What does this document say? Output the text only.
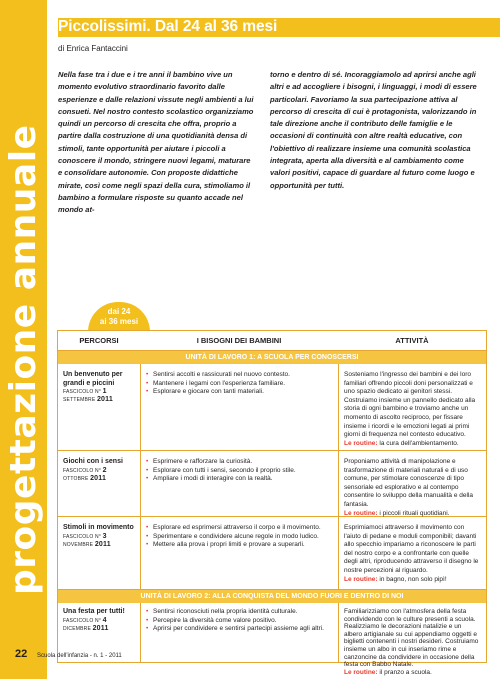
progettazione annuale
Piccolissimi. Dal 24 al 36 mesi
di Enrica Fantaccini

Nella fase tra i due e i tre anni il bambino vive un momento evolutivo straordinario favorito dalle esperienze e dalle relazioni vissute negli ambienti a lui consueti. Nel nostro contesto scolastico organizziamo quindi un percorso di crescita che offra, proprio a partire dalla costruzione di una quotidianità densa di stimoli, tante opportunità per aiutare i piccoli a conoscere il mondo, stringere nuovi legami, maturare e consolidare autonomie. Con proposte didattiche mirate, così come negli spazi della cura, stimoliamo il bambino a formulare risposte su quanto accade nel mondo at-

torno e dentro di sé. Incoraggiamolo ad aprirsi anche agli altri e ad accogliere i bisogni, i linguaggi, i modi di essere particolari. Favoriamo la sua partecipazione attiva al percorso di crescita di cui è protagonista, valorizzando in tale direzione anche il contributo delle famiglie e le occasioni di continuità con altre realtà educative, con l'obiettivo di realizzare insieme una comunità scolastica integrata, aperta alla diversità e al cambiamento come valori positivi, capace di guardare al futuro come luogo e opportunità per tutti.

dai 24
ai 36 mesi
PERCORSI	I BISOGNI DEI BAMBINI	ATTIVITÀ
UNITÀ DI LAVORO 1: A SCUOLA PER CONOSCERSI
Un benvenuto per
grandi e piccini
FASCICOLO N° 1
SETTEMBRE 2011
• Sentirsi accolti e rassicurati nel nuovo contesto.
• Mantenere i legami con l'esperienza familiare.
• Esplorare e giocare con tanti materiali.
Sosteniamo l'ingresso dei bambini e dei loro familiari offrendo piccoli doni personalizzati e uno spazio dedicato ai genitori stessi. Costruiamo insieme un pannello dedicato alla storia di ogni bambino e troviamo anche un momento di ascolto reciproco, per fissare insieme i ricordi e le emozioni legati ai primi giorni di frequenza nel contesto educativo.
Le routine: la cura dell'ambientamento.
Giochi con i sensi
FASCICOLO N° 2
OTTOBRE 2011
• Esprimere e rafforzare la curiosità.
• Esplorare con tutti i sensi, secondo il proprio stile.
• Ampliare i modi di interagire con la realtà.
Proponiamo attività di manipolazione e trasformazione di materiali naturali e di uso comune, per stimolare conoscenze di tipo sensoriale ed esplorativo e al contempo consentire lo sviluppo della manualità e della fantasia.
Le routine: i piccoli rituali quotidiani.
Stimoli in movimento
FASCICOLO N° 3
NOVEMBRE 2011
• Esplorare ed esprimersi attraverso il corpo e il movimento.
• Sperimentare e condividere alcune regole in modo ludico.
• Mettere alla prova i propri limiti e provare a superarli.
Esprimiamoci attraverso il movimento con l'aiuto di pedane e moduli componibili; davanti allo specchio impariamo a riconoscere le parti del nostro corpo e a confrontarle con quelle degli altri, riproducendo attraverso il disegno le nostre percezioni al riguardo.
Le routine: in bagno, non solo pipì!
UNITÀ DI LAVORO 2: ALLA CONQUISTA DEL MONDO FUORI E DENTRO DI NOI
Una festa per tutti!
FASCICOLO N° 4
DICEMBRE 2011
• Sentirsi riconosciuti nella propria identità culturale.
• Percepire la diversità come valore positivo.
• Aprirsi per condividere e sentirsi partecipi assieme agli altri.
Familiarizziamo con l'atmosfera della festa condividendo con le culture presenti a scuola. Realizziamo le decorazioni natalizie e un albero artigianale su cui appendiamo oggetti e biglietti contenenti i nostri desideri. Costruiamo insieme un albo in cui inseriamo rime e canzoncine da condividere in occasione della festa con Babbo Natale.
Le routine: il pranzo a scuola.
22 Scuola dell'infanzia - n. 1 - 2011
